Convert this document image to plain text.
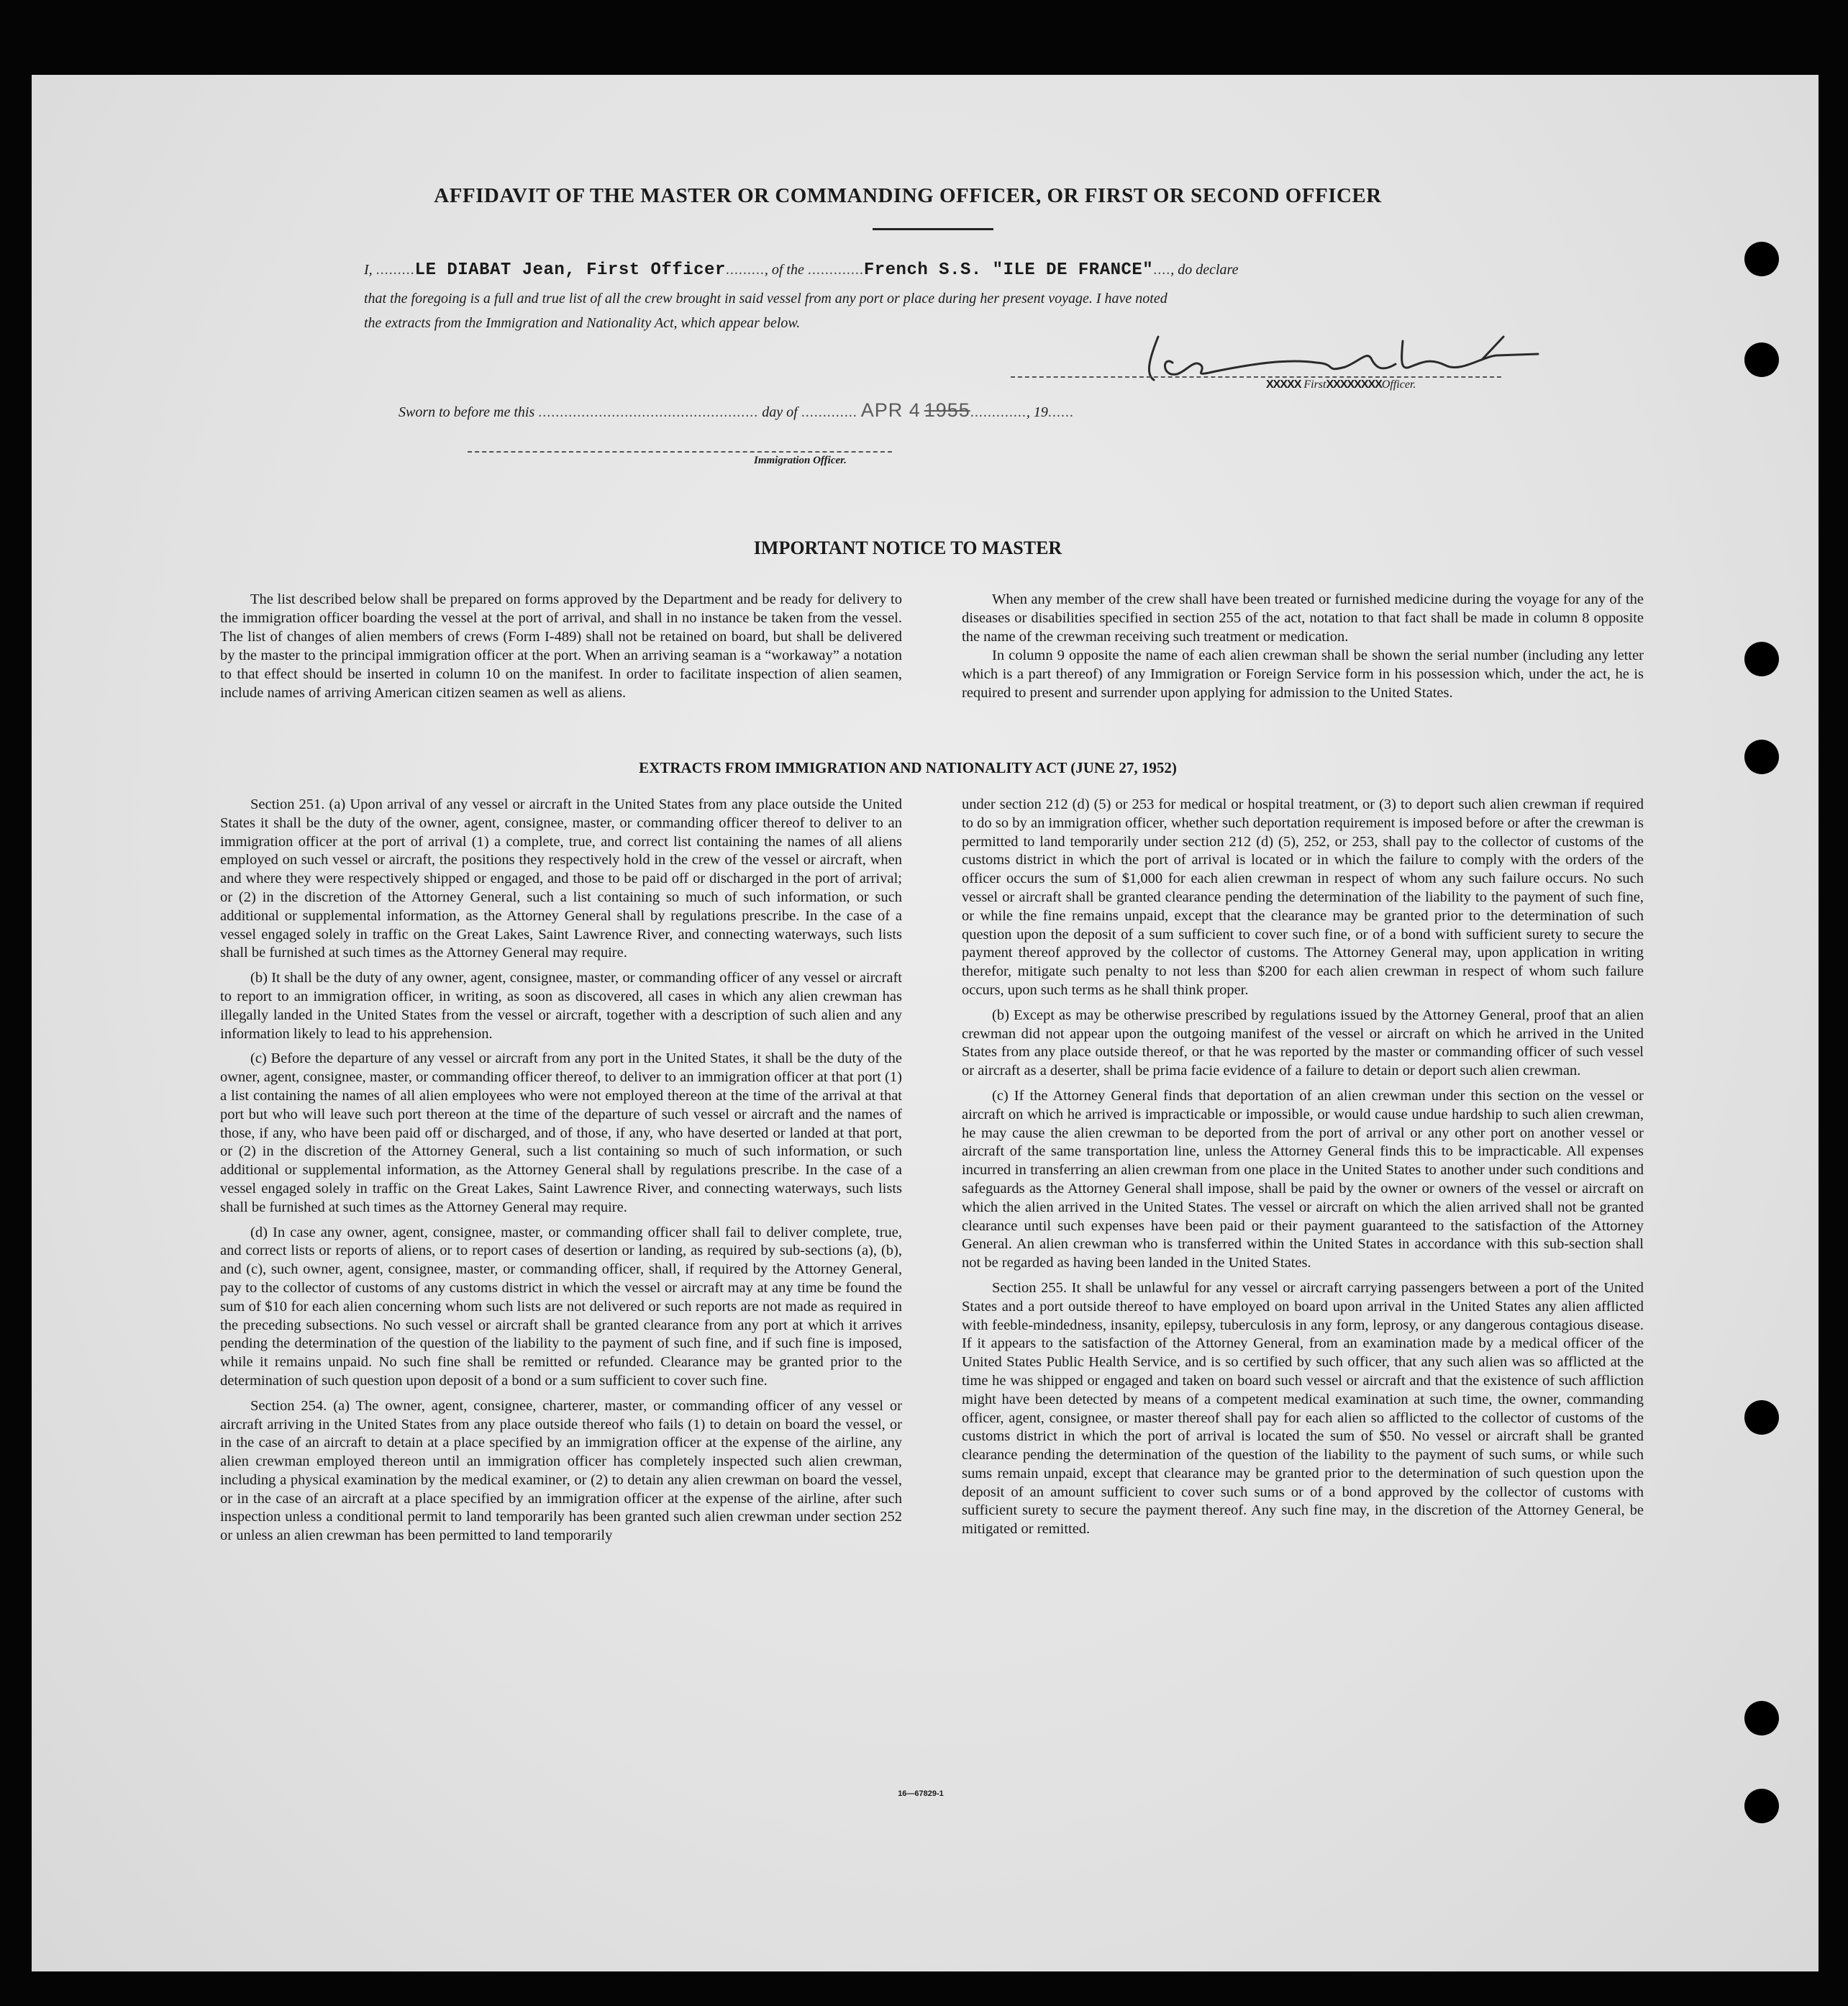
AFFIDAVIT OF THE MASTER OR COMMANDING OFFICER, OR FIRST OR SECOND OFFICER
I, .........LE DIABAT Jean, First Officer........., of the .............French S.S. "ILE DE FRANCE"...., do declare
that the foregoing is a full and true list of all the crew brought in said vessel from any port or place during her present voyage. I have noted
the extracts from the Immigration and Nationality Act, which appear below.
XXXXX FirstXXXXXXXXOfficer.
Sworn to before me this ................................................... day of ............. APR 4 1955............., 19......
Immigration Officer.
IMPORTANT NOTICE TO MASTER

The list described below shall be prepared on forms approved by the Department and be ready for delivery to the immigration officer boarding the vessel at the port of arrival, and shall in no instance be taken from the vessel. The list of changes of alien members of crews (Form I-489) shall not be retained on board, but shall be delivered by the master to the principal immigration officer at the port. When an arriving seaman is a “workaway” a notation to that effect should be inserted in column 10 on the manifest. In order to facilitate inspection of alien seamen, include names of arriving American citizen seamen as well as aliens.

When any member of the crew shall have been treated or furnished medicine during the voyage for any of the diseases or disabilities specified in section 255 of the act, notation to that fact shall be made in column 8 opposite the name of the crewman receiving such treatment or medication.

In column 9 opposite the name of each alien crewman shall be shown the serial number (including any letter which is a part thereof) of any Immigration or Foreign Service form in his possession which, under the act, he is required to present and surrender upon applying for admission to the United States.

EXTRACTS FROM IMMIGRATION AND NATIONALITY ACT (JUNE 27, 1952)

Section 251. (a) Upon arrival of any vessel or aircraft in the United States from any place outside the United States it shall be the duty of the owner, agent, consignee, master, or commanding officer thereof to deliver to an immigration officer at the port of arrival (1) a complete, true, and correct list containing the names of all aliens employed on such vessel or aircraft, the positions they respectively hold in the crew of the vessel or aircraft, when and where they were respectively shipped or engaged, and those to be paid off or discharged in the port of arrival; or (2) in the discretion of the Attorney General, such a list containing so much of such information, or such additional or supplemental information, as the Attorney General shall by regulations prescribe. In the case of a vessel engaged solely in traffic on the Great Lakes, Saint Lawrence River, and connecting waterways, such lists shall be furnished at such times as the Attorney General may require.

(b) It shall be the duty of any owner, agent, consignee, master, or commanding officer of any vessel or aircraft to report to an immigration officer, in writing, as soon as discovered, all cases in which any alien crewman has illegally landed in the United States from the vessel or aircraft, together with a description of such alien and any information likely to lead to his apprehension.

(c) Before the departure of any vessel or aircraft from any port in the United States, it shall be the duty of the owner, agent, consignee, master, or commanding officer thereof, to deliver to an immigration officer at that port (1) a list containing the names of all alien employees who were not employed thereon at the time of the arrival at that port but who will leave such port thereon at the time of the departure of such vessel or aircraft and the names of those, if any, who have been paid off or discharged, and of those, if any, who have deserted or landed at that port, or (2) in the discretion of the Attorney General, such a list containing so much of such information, or such additional or supplemental information, as the Attorney General shall by regulations prescribe. In the case of a vessel engaged solely in traffic on the Great Lakes, Saint Lawrence River, and connecting waterways, such lists shall be furnished at such times as the Attorney General may require.

(d) In case any owner, agent, consignee, master, or commanding officer shall fail to deliver complete, true, and correct lists or reports of aliens, or to report cases of desertion or landing, as required by sub-sections (a), (b), and (c), such owner, agent, consignee, master, or commanding officer, shall, if required by the Attorney General, pay to the collector of customs of any customs district in which the vessel or aircraft may at any time be found the sum of $10 for each alien concerning whom such lists are not delivered or such reports are not made as required in the preceding subsections. No such vessel or aircraft shall be granted clearance from any port at which it arrives pending the determination of the question of the liability to the payment of such fine, and if such fine is imposed, while it remains unpaid. No such fine shall be remitted or refunded. Clearance may be granted prior to the determination of such question upon deposit of a bond or a sum sufficient to cover such fine.

Section 254. (a) The owner, agent, consignee, charterer, master, or commanding officer of any vessel or aircraft arriving in the United States from any place outside thereof who fails (1) to detain on board the vessel, or in the case of an aircraft to detain at a place specified by an immigration officer at the expense of the airline, any alien crewman employed thereon until an immigration officer has completely inspected such alien crewman, including a physical examination by the medical examiner, or (2) to detain any alien crewman on board the vessel, or in the case of an aircraft at a place specified by an immigration officer at the expense of the airline, after such inspection unless a conditional permit to land temporarily has been granted such alien crewman under section 252 or unless an alien crewman has been permitted to land temporarily

under section 212 (d) (5) or 253 for medical or hospital treatment, or (3) to deport such alien crewman if required to do so by an immigration officer, whether such deportation requirement is imposed before or after the crewman is permitted to land temporarily under section 212 (d) (5), 252, or 253, shall pay to the collector of customs of the customs district in which the port of arrival is located or in which the failure to comply with the orders of the officer occurs the sum of $1,000 for each alien crewman in respect of whom any such failure occurs. No such vessel or aircraft shall be granted clearance pending the determination of the liability to the payment of such fine, or while the fine remains unpaid, except that the clearance may be granted prior to the determination of such question upon the deposit of a sum sufficient to cover such fine, or of a bond with sufficient surety to secure the payment thereof approved by the collector of customs. The Attorney General may, upon application in writing therefor, mitigate such penalty to not less than $200 for each alien crewman in respect of whom such failure occurs, upon such terms as he shall think proper.

(b) Except as may be otherwise prescribed by regulations issued by the Attorney General, proof that an alien crewman did not appear upon the outgoing manifest of the vessel or aircraft on which he arrived in the United States from any place outside thereof, or that he was reported by the master or commanding officer of such vessel or aircraft as a deserter, shall be prima facie evidence of a failure to detain or deport such alien crewman.

(c) If the Attorney General finds that deportation of an alien crewman under this section on the vessel or aircraft on which he arrived is impracticable or impossible, or would cause undue hardship to such alien crewman, he may cause the alien crewman to be deported from the port of arrival or any other port on another vessel or aircraft of the same transportation line, unless the Attorney General finds this to be impracticable. All expenses incurred in transferring an alien crewman from one place in the United States to another under such conditions and safeguards as the Attorney General shall impose, shall be paid by the owner or owners of the vessel or aircraft on which the alien arrived in the United States. The vessel or aircraft on which the alien arrived shall not be granted clearance until such expenses have been paid or their payment guaranteed to the satisfaction of the Attorney General. An alien crewman who is transferred within the United States in accordance with this sub-section shall not be regarded as having been landed in the United States.

Section 255. It shall be unlawful for any vessel or aircraft carrying passengers between a port of the United States and a port outside thereof to have employed on board upon arrival in the United States any alien afflicted with feeble-mindedness, insanity, epilepsy, tuberculosis in any form, leprosy, or any dangerous contagious disease. If it appears to the satisfaction of the Attorney General, from an examination made by a medical officer of the United States Public Health Service, and is so certified by such officer, that any such alien was so afflicted at the time he was shipped or engaged and taken on board such vessel or aircraft and that the existence of such affliction might have been detected by means of a competent medical examination at such time, the owner, commanding officer, agent, consignee, or master thereof shall pay for each alien so afflicted to the collector of customs of the customs district in which the port of arrival is located the sum of $50. No vessel or aircraft shall be granted clearance pending the determination of the question of the liability to the payment of such sums, or while such sums remain unpaid, except that clearance may be granted prior to the determination of such question upon the deposit of an amount sufficient to cover such sums or of a bond approved by the collector of customs with sufficient surety to secure the payment thereof. Any such fine may, in the discretion of the Attorney General, be mitigated or remitted.

16—67829-1
